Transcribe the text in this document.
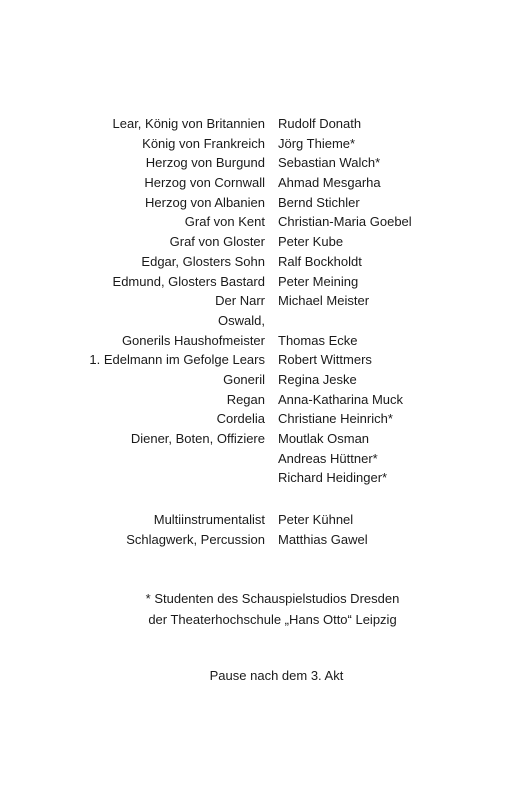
Lear, König von Britannien Rudolf Donath
König von Frankreich Jörg Thieme*
Herzog von Burgund Sebastian Walch*
Herzog von Cornwall Ahmad Mesgarha
Herzog von Albanien Bernd Stichler
Graf von Kent Christian-Maria Goebel
Graf von Gloster Peter Kube
Edgar, Glosters Sohn Ralf Bockholdt
Edmund, Glosters Bastard Peter Meining
Der Narr Michael Meister
Oswald,
Gonerils Haushofmeister Thomas Ecke
1. Edelmann im Gefolge Lears Robert Wittmers
Goneril Regina Jeske
Regan Anna-Katharina Muck
Cordelia Christiane Heinrich*
Diener, Boten, Offiziere Moutlak Osman
Andreas Hüttner*
Richard Heidinger*
Multiinstrumentalist Peter Kühnel
Schlagwerk, Percussion Matthias Gawel
* Studenten des Schauspielstudios Dresden
der Theaterhochschule „Hans Otto“ Leipzig
Pause nach dem 3. Akt
